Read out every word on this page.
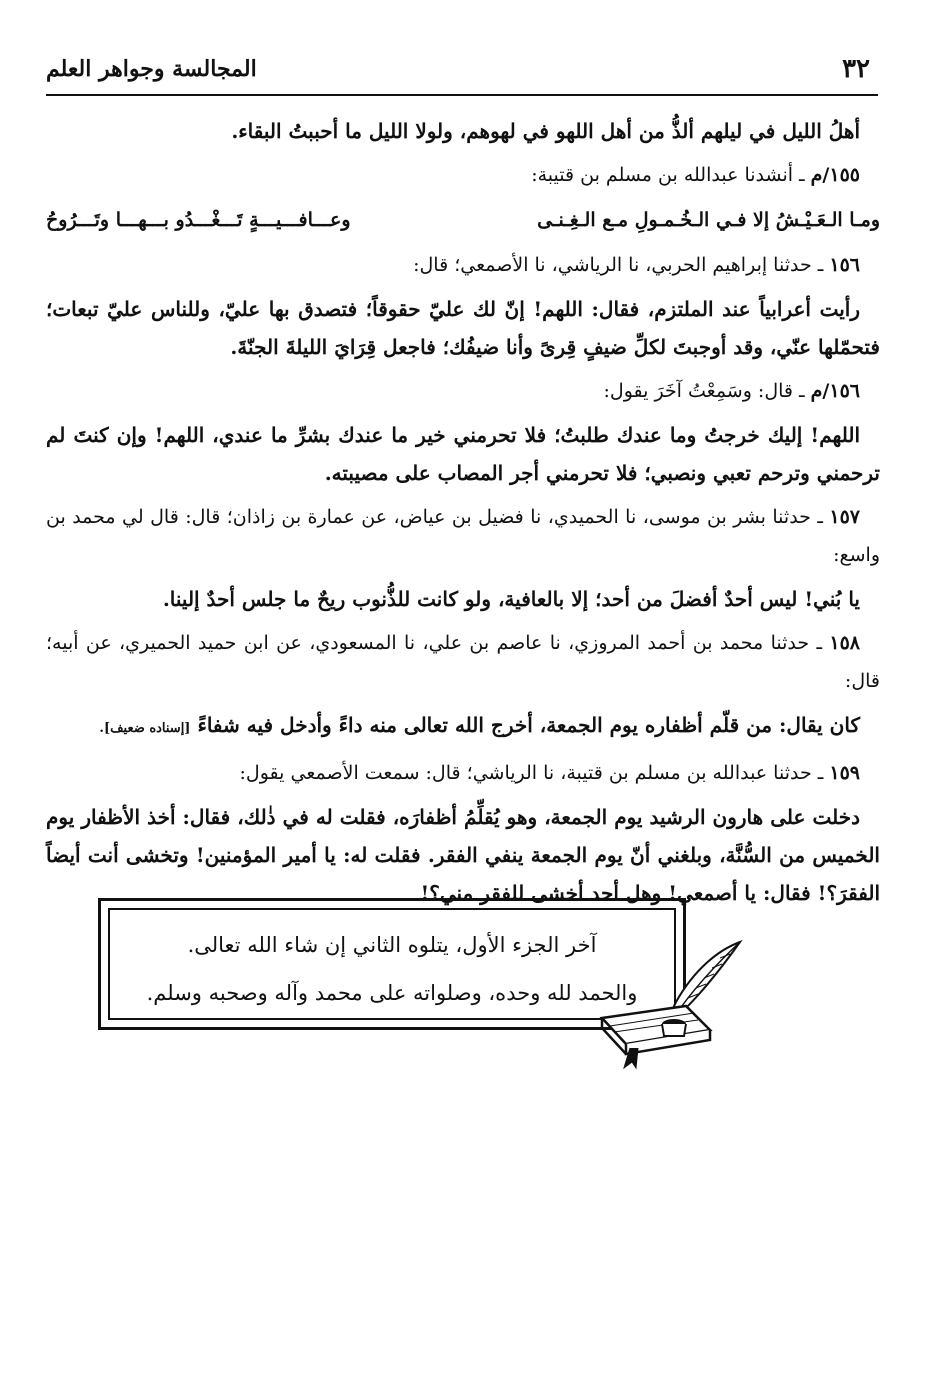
٣٢
المجالسة وجواهر العلم

أهلُ الليل في ليلهم ألذُّ من أهل اللهو في لهوهم، ولولا الليل ما أحببتُ البقاء.

١٥٥/م ـ أنشدنا عبدالله بن مسلم بن قتيبة:

ومـا الـعَـيْـشُ إلا فـي الـخُـمـولِ مـع الـغِـنـى
وعـــافـــيـــةٍ تَـــغْـــدُو بـــهـــا وتَـــرُوحُ

١٥٦ ـ حدثنا إبراهيم الحربي، نا الرياشي، نا الأصمعي؛ قال:

رأيت أعرابياً عند الملتزم، فقال: اللهم! إنّ لك عليّ حقوقاً؛ فتصدق بها عليّ، وللناس عليّ تبعات؛ فتحمّلها عنّي، وقد أوجبتَ لكلِّ ضيفٍ قِرىً وأنا ضيفُك؛ فاجعل قِرَايَ الليلةَ الجنّةَ.

١٥٦/م ـ قال: وسَمِعْتُ آخَرَ يقول:

اللهم! إليك خرجتُ وما عندك طلبتُ؛ فلا تحرمني خير ما عندك بشرِّ ما عندي، اللهم! وإن كنتَ لم ترحمني وترحم تعبي ونصبي؛ فلا تحرمني أجر المصاب على مصيبته.

١٥٧ ـ حدثنا بشر بن موسى، نا الحميدي، نا فضيل بن عياض، عن عمارة بن زاذان؛ قال: قال لي محمد بن واسع:

يا بُني! ليس أحدٌ أفضلَ من أحد؛ إلا بالعافية، ولو كانت للذُّنوب ريحٌ ما جلس أحدٌ إلينا.

١٥٨ ـ حدثنا محمد بن أحمد المروزي، نا عاصم بن علي، نا المسعودي، عن ابن حميد الحميري، عن أبيه؛ قال:

كان يقال: من قلّم أظفاره يوم الجمعة، أخرج الله تعالى منه داءً وأدخل فيه شفاءً [إسناده ضعيف].

١٥٩ ـ حدثنا عبدالله بن مسلم بن قتيبة، نا الرياشي؛ قال: سمعت الأصمعي يقول:

دخلت على هارون الرشيد يوم الجمعة، وهو يُقلِّمُ أظفارَه، فقلت له في ذٰلك، فقال: أخذ الأظفار يوم الخميس من السُّنَّة، وبلغني أنّ يوم الجمعة ينفي الفقر. فقلت له: يا أمير المؤمنين! وتخشى أنت أيضاً الفقرَ؟! فقال: يا أصمعي! وهل أحد أخشى للفقر مني؟!

آخر الجزء الأول، يتلوه الثاني إن شاء الله تعالى.
والحمد لله وحده، وصلواته على محمد وآله وصحبه وسلم.
